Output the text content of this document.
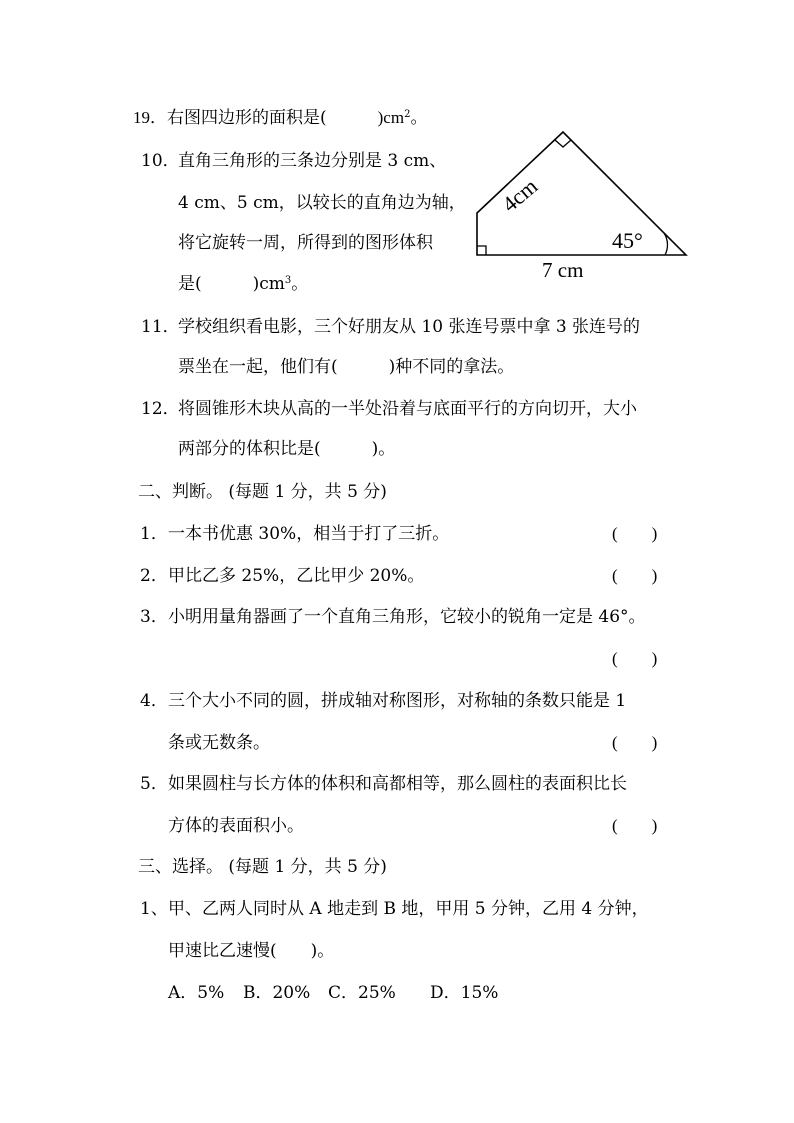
19．右图四边形的面积是(　　　	)$cm^2$。
10．
直角三角形的三条边分别是 3 cm、
4 cm、5 cm，以较长的直角边为轴，
将它旋转一周，所得到的图形体积
是(　　　)$cm^3$。
4cm
45°
7 cm
11．
学校组织看电影，三个好朋友从 10 张连号票中拿 3 张连号的
票坐在一起，他们有(　　　)种不同的拿法。
12．
将圆锥形木块从高的一半处沿着与底面平行的方向切开，大小
两部分的体积比是(　　　)。
二、判断。 (每题 1 分，共 5 分)
1． 一本书优惠 30%，相当于打了三折。	(　　)
2． 甲比乙多 25%，乙比甲少 20%。	(　　)
3． 小明用量角器画了一个直角三角形，它较小的锐角一定是 46°。
(　　)
4． 三个大小不同的圆，拼成轴对称图形，对称轴的条数只能是 1
条或无数条。	(　　)
5． 如果圆柱与长方体的体积和高都相等，那么圆柱的表面积比长
方体的表面积小。	(　　)
三、选择。 (每题 1 分，共 5 分)
1、 甲、乙两人同时从 A 地走到 B 地，甲用 5 分钟，乙用 4 分钟，
甲速比乙速慢(　　)。
A．5% B．20% C．25% D．15%
